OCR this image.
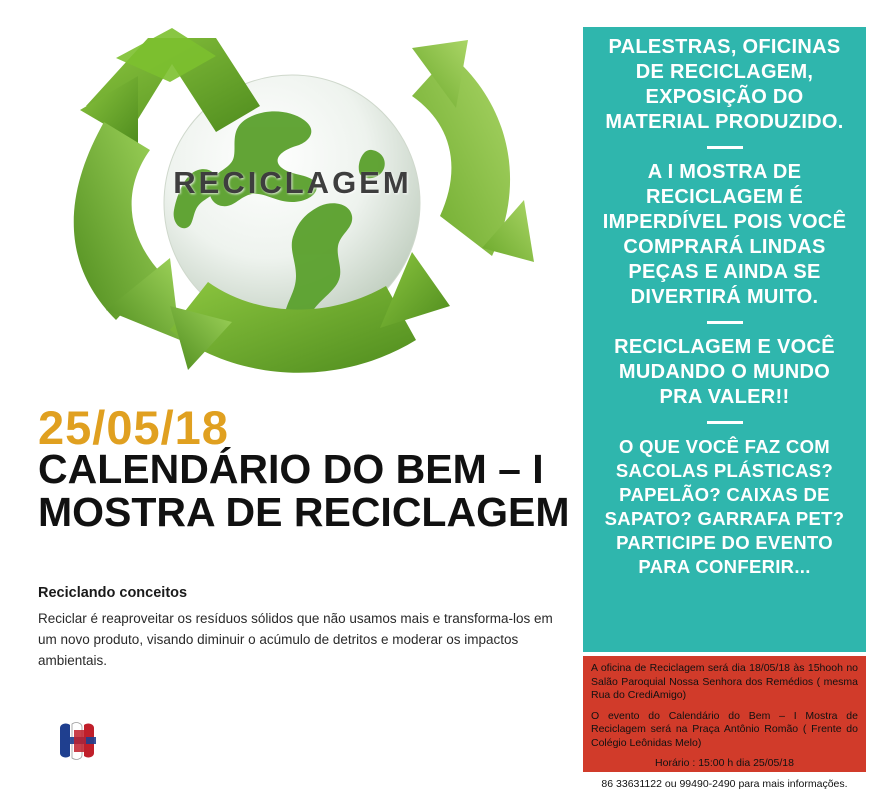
RECICLAGEM
25/05/18
CALENDÁRIO DO BEM – I MOSTRA DE RECICLAGEM
Reciclando conceitos
Reciclar é reaproveitar os resíduos sólidos que não usamos mais e transforma-los em um novo produto, visando diminuir o acúmulo de detritos e moderar os impactos ambientais.
PALESTRAS, OFICINAS DE RECICLAGEM, EXPOSIÇÃO DO MATERIAL PRODUZIDO.
A I MOSTRA DE RECICLAGEM É IMPERDÍVEL POIS VOCÊ COMPRARÁ LINDAS PEÇAS E AINDA SE DIVERTIRÁ MUITO.
RECICLAGEM E VOCÊ MUDANDO O MUNDO PRA VALER!!
O QUE VOCÊ FAZ COM SACOLAS PLÁSTICAS? PAPELÃO? CAIXAS DE SAPATO? GARRAFA PET? PARTICIPE DO EVENTO PARA CONFERIR...

A oficina de Reciclagem será dia 18/05/18 às 15hooh no Salão Paroquial Nossa Senhora dos Remédios ( mesma Rua do CrediAmigo)

O evento do Calendário do Bem – I Mostra de Reciclagem será na Praça Antônio Romão ( Frente do Colégio Leônidas Melo)

Horário : 15:00 h dia 25/05/18

86 33631122 ou 99490-2490 para mais informações.
